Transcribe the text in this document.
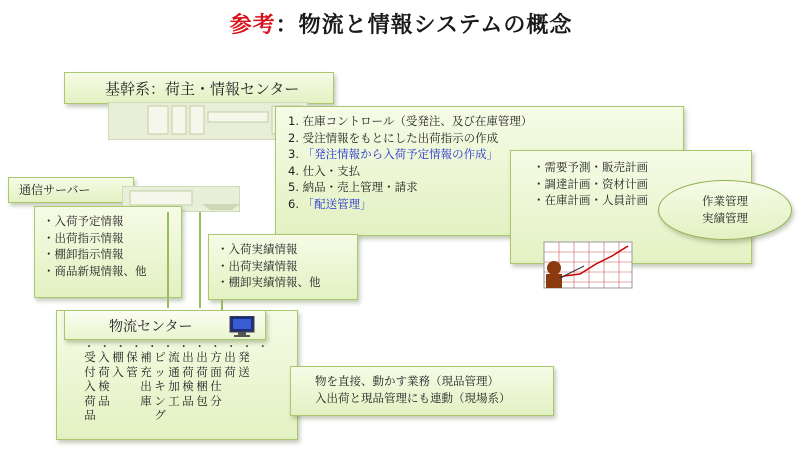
参考：物流と情報システムの概念
基幹系：荷主・情報センター
1. 在庫コントロール（受発注、及び在庫管理）
2. 受注情報をもとにした出荷指示の作成
3. 「発注情報から入荷予定情報の作成」
4. 仕入・支払
5. 納品・売上管理・請求
6. 「配送管理」
・需要予測・販売計画
・調達計画・资材计画
・在庫計画・人員計画	作業管理
実績管理
通信サーバー
・入荷予定情報
・出荷指示情報
・棚卸指示情報
・商品新規情報、他
・入荷実績情報
・出荷実績情報
・棚卸実績情報、他
物流センター
・・・・・・・・・・・・
受付入荷品
入荷検品
棚入
保管
補充出庫
ピッキング
流通加工
出荷検品
出荷梱包
方面仕分
出荷
発送
物を直接、動かす業務（現品管理）
入出荷と現品管理にも連動（現場系）
